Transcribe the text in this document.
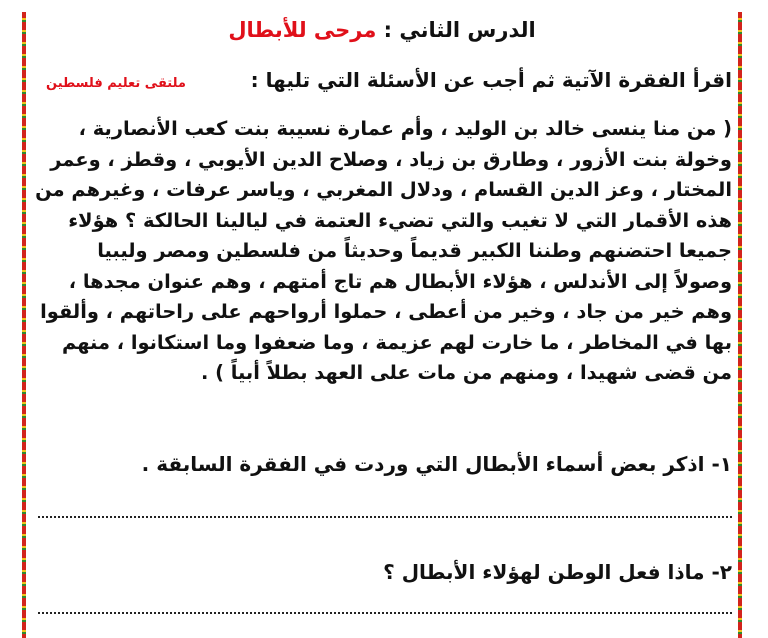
الدرس الثاني : مرحى للأبطال
اقرأ الفقرة الآتية ثم أجب عن الأسئلة التي تليها :
ملتقى تعليم فلسطين
( من منا ينسى خالد بن الوليد ، وأم عمارة نسيبة بنت كعب الأنصارية ،
وخولة بنت الأزور ، وطارق بن زياد ، وصلاح الدين الأيوبي ، وقطز ، وعمر
المختار ، وعز الدين القسام ، ودلال المغربي ، وياسر عرفات ، وغيرهم من
هذه الأقمار التي لا تغيب والتي تضيء العتمة في ليالينا الحالكة ؟ هؤلاء
جميعا احتضنهم وطننا الكبير قديماً وحديثاً من فلسطين ومصر وليبيا
وصولاً إلى الأندلس ، هؤلاء الأبطال هم تاج أمتهم ، وهم عنوان مجدها ،
وهم خير من جاد ، وخير من أعطى ، حملوا أرواحهم على راحاتهم ، وألقوا
بها في المخاطر ، ما خارت لهم عزيمة ، وما ضعفوا وما استكانوا ، منهم
من قضى شهيدا ، ومنهم من مات على العهد بطلاً أبياً ) .
١- اذكر بعض أسماء الأبطال التي وردت في الفقرة السابقة .
٢- ماذا فعل الوطن لهؤلاء الأبطال ؟
